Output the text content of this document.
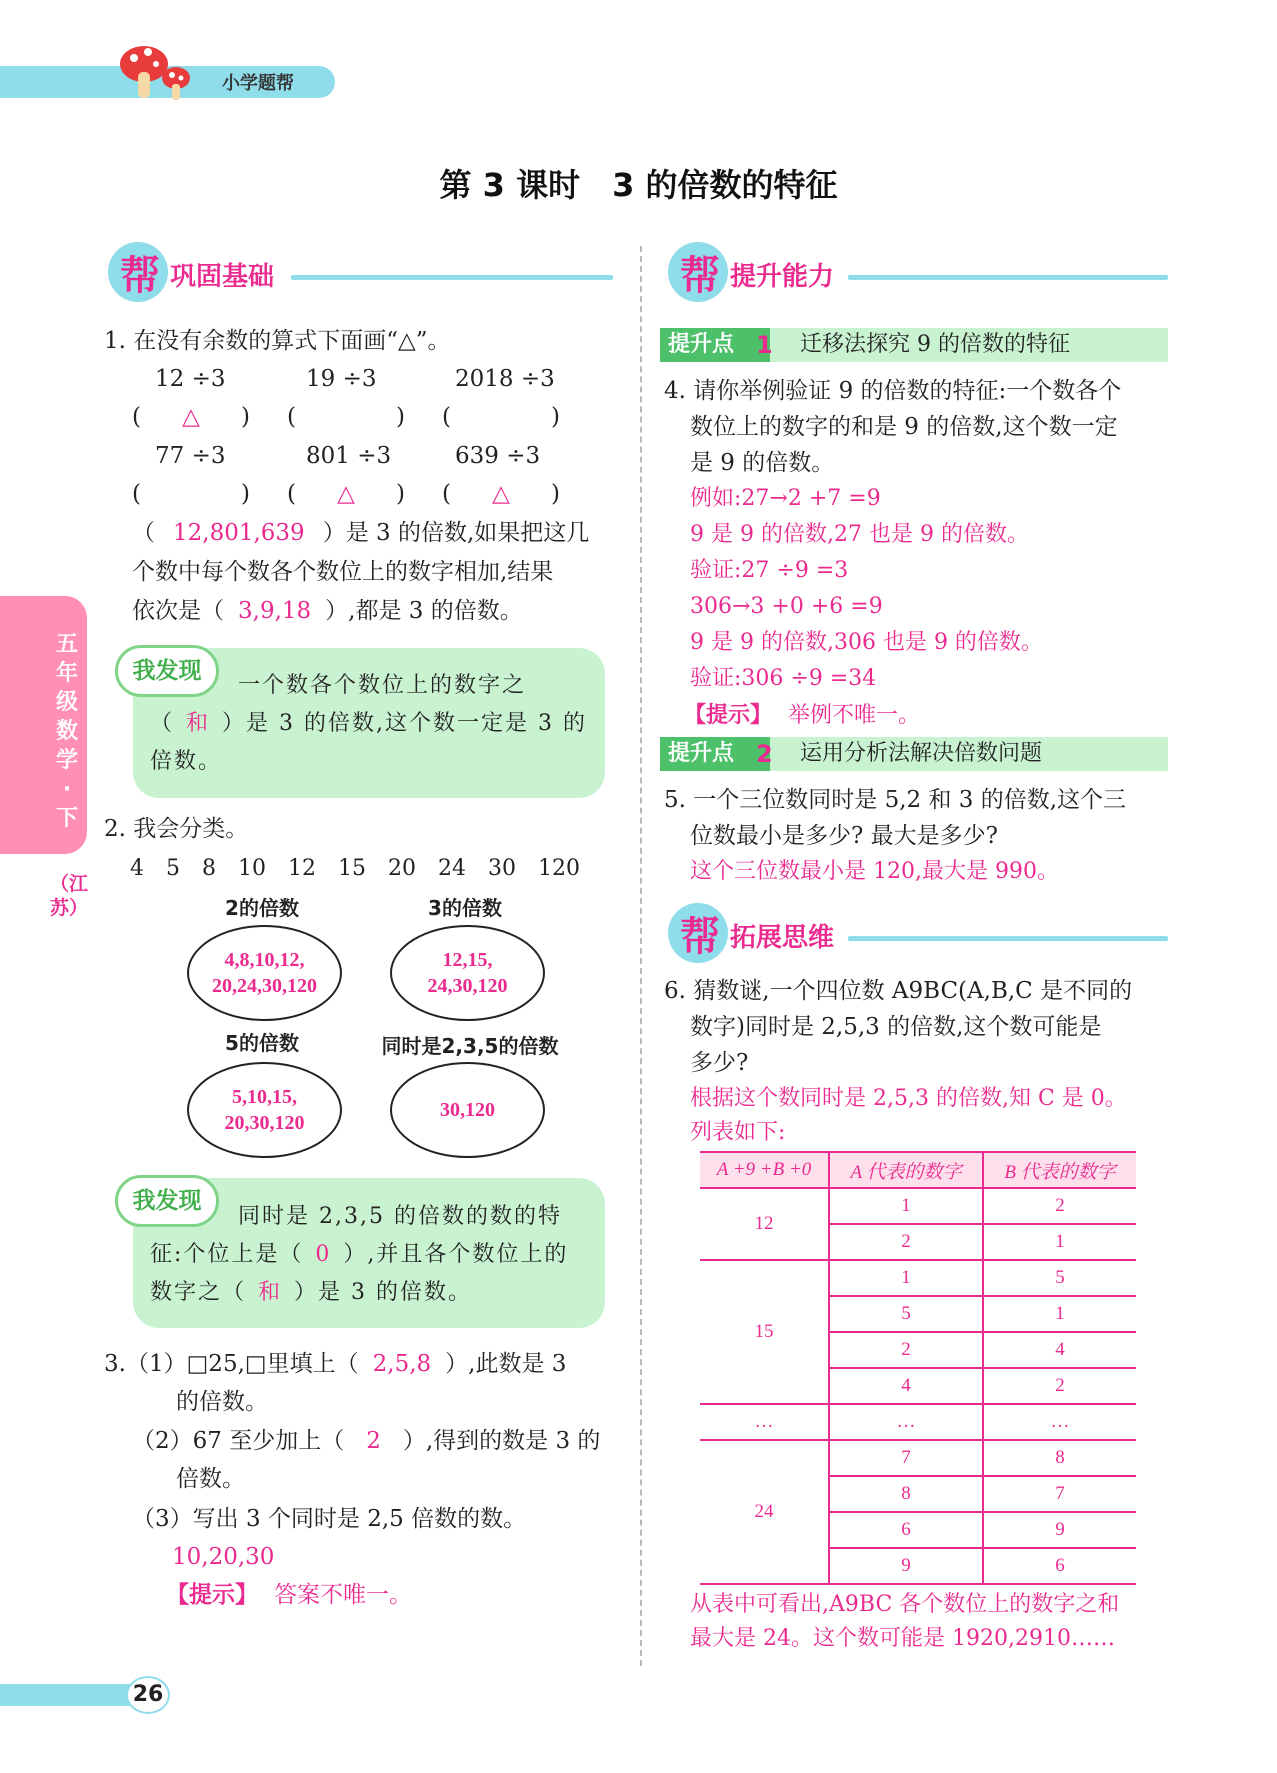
小学题帮
第 3 课时　3 的倍数的特征
五年级数学·下
（江苏）
帮 巩固基础
1. 在没有余数的算式下面画“△”。
12 ÷3	19 ÷3	2018 ÷3
( △ ) (	) (	)
77 ÷3	801 ÷3	639 ÷3
(	) ( △ ) ( △ )
（ 12,801,639 ）是 3 的倍数,如果把这几
个数中每个数各个数位上的数字相加,结果
依次是（ 3,9,18 ）,都是 3 的倍数。
我发现
一个数各个数位上的数字之
（ 和 ）是 3 的倍数,这个数一定是 3 的
倍数。
2. 我会分类。
4　5　8　10　12　15　20　24　30　120
2的倍数	3的倍数
4,8,10,12,
20,24,30,120
12,15,
24,30,120
5的倍数	同时是2,3,5的倍数
5,10,15,
20,30,120
30,120
我发现
同时是 2,3,5 的倍数的数的特
征:个位上是（ 0 ）,并且各个数位上的
数字之（ 和 ）是 3 的倍数。
3.（1）□25,□里填上（ 2,5,8 ）,此数是 3
的倍数。
（2）67 至少加上（ 2 ）,得到的数是 3 的
倍数。
（3）写出 3 个同时是 2,5 倍数的数。
10,20,30
【提示】 答案不唯一。
帮 提升能力
提升点 1 迁移法探究 9 的倍数的特征
4. 请你举例验证 9 的倍数的特征:一个数各个
数位上的数字的和是 9 的倍数,这个数一定
是 9 的倍数。
例如:27→2 +7 =9
9 是 9 的倍数,27 也是 9 的倍数。
验证:27 ÷9 =3
306→3 +0 +6 =9
9 是 9 的倍数,306 也是 9 的倍数。
验证:306 ÷9 =34
【提示】 举例不唯一。
提升点 2 运用分析法解决倍数问题
5. 一个三位数同时是 5,2 和 3 的倍数,这个三
位数最小是多少? 最大是多少?
这个三位数最小是 120,最大是 990。
帮 拓展思维
6. 猜数谜,一个四位数 A9BC(A,B,C 是不同的
数字)同时是 2,5,3 的倍数,这个数可能是
多少?
根据这个数同时是 2,5,3 的倍数,知 C 是 0。
列表如下:
A +9 +B +0	A 代表的数字	B 代表的数字
12	1	2
	2	1
15	1	5
	5	1
	2	4
	4	2
…	…	…
24	7	8
	8	7
	6	9
	9	6
从表中可看出,A9BC 各个数位上的数字之和
最大是 24。这个数可能是 1920,2910……
26
